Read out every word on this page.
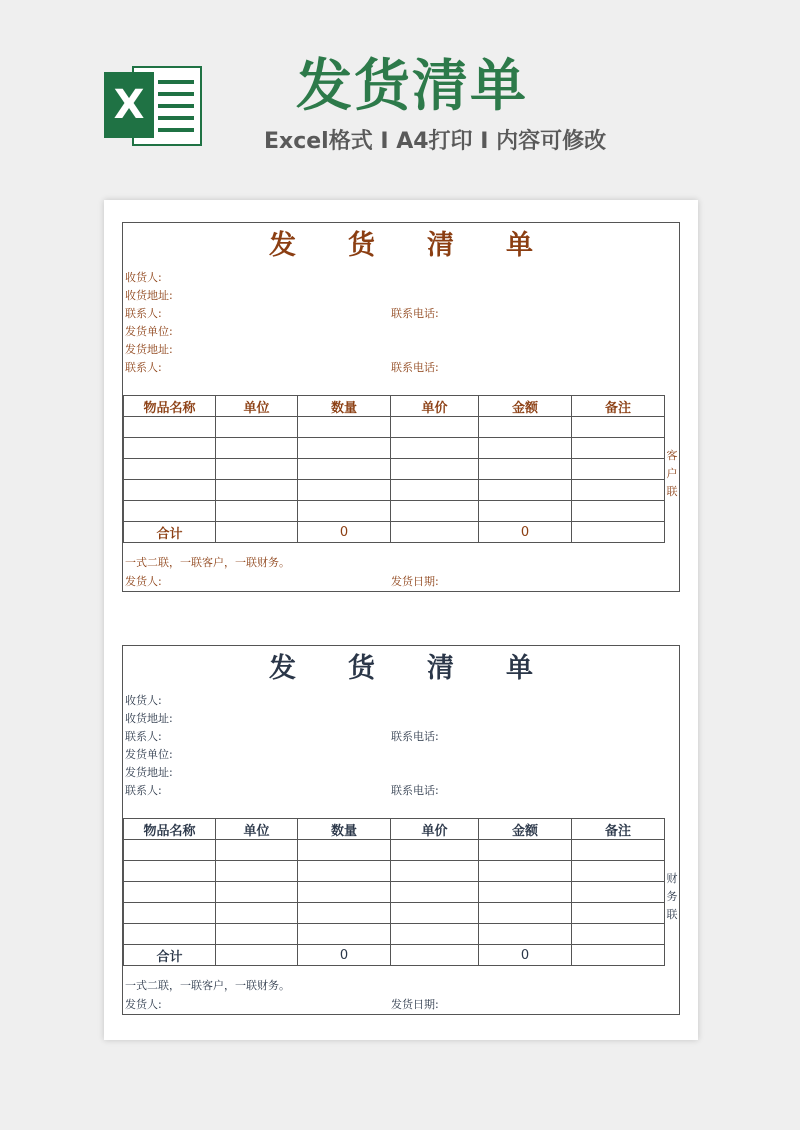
X	发货清单
Excel格式 I A4打印 I 内容可修改
发 货 清 单
收货人:
收货地址:
联系人:	联系电话:
发货单位:
发货地址:
联系人:	联系电话:
物品名称	单位	数量	单价	金额	备注

合计		0		0	
客
户
联
一式二联，一联客户，一联财务。
发货人:	发货日期:
发 货 清 单
收货人:
收货地址:
联系人:	联系电话:
发货单位:
发货地址:
联系人:	联系电话:
物品名称	单位	数量	单价	金额	备注

合计		0		0	
财
务
联
一式二联，一联客户，一联财务。
发货人:	发货日期:
